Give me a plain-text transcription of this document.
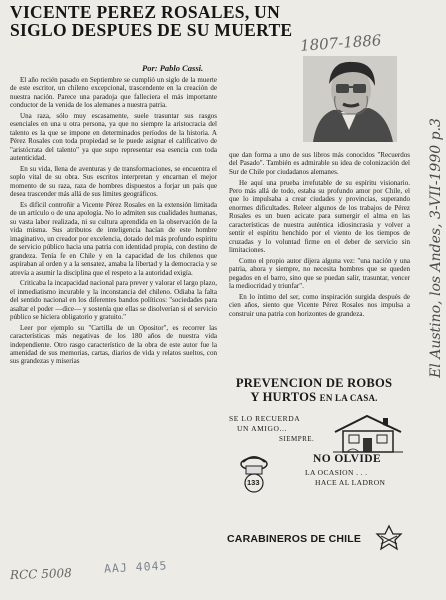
VICENTE PEREZ ROSALES, UN SIGLO DESPUES DE SU MUERTE
1807-1886
El Austino, los Andes, 3-VII-1990 p.3
Por: Pablo Cassi.

El año recién pasado en Septiembre se cumplió un siglo de la muerte de este escritor, un chileno excepcional, trascendente en la creación de nuestra nación. Parece una paradoja que falleciera el más importante conductor de la venida de los alemanes a nuestra patria.

Una raza, sólo muy escasamente, suele trasuntar sus rasgos esenciales en una u otra persona, ya que no siempre la aristocracia del talento es la que se impone en determinados períodos de la historia. A Pérez Rosales con toda propiedad se le puede asignar el calificativo de "aristócrata del talento" ya que supo representar esa esencia con toda autenticidad.

En su vida, llena de aventuras y de transformaciones, se encuentra el soplo vital de su obra. Sus escritos interpretan y encarnan el mejor momento de su raza, raza de hombres dispuestos a forjar un país que desea trascender más allá de sus límites geográficos.

Es difícil controñir a Vicente Pérez Rosales en la extensión limitada de un artículo o de una apología. No lo admiten sus cualidades humanas, su vasta labor realizada, ni su cultura aprendida en la observación de la vida misma. Sus atributos de inteligencia hacían de este hombre imaginativo, un creador por excelencia, dotado del más profundo espíritu de servicio público hacia una patria con identidad propia, con destino de grandeza. Tenía fe en Chile y en la capacidad de los chilenos que aspiraban al orden y a la sensatez, amaba la libertad y la democracia y se atrevía a asumir la disciplina que el respeto a la autoridad exigía.

Criticaba la incapacidad nacional para prever y valorar el largo plazo, el inmediatismo incurable y la inconstancia del chileno. Odiaba la falta del sentido nacional en los diferentes bandos políticos: "sociedades para asaltar el poder —dice— y sostenía que ellas se disolverían si el servicio público se hiciera obligatorio y gratuito."

Leer por ejemplo su "Cartilla de un Opositor", es recorrer las características más negativas de los 180 años de nuestra vida independiente. Otro rasgo característico de la obra de este autor fue la amenidad de sus memorias, cartas, diarios de vida y relatos sueltos, con sus grandezas y miserias

que dan forma a uno de sus libros más conocidos "Recuerdos del Pasado". También es admirable su idea de colonización del Sur de Chile por ciudadanos alemanes.

He aquí una prueba irrefutable de su espíritu visionario. Pero más allá de todo, estaba su profundo amor por Chile, el que lo impulsaba a crear ciudades y provincias, superando enormes dificultades. Releer algunos de los trabajos de Pérez Rosales es un buen acicate para sumergir el alma en las características de nuestra auténtica idiosincrasia y volver a sentir el espíritu henchido por el viento de los tiempos de cruzadas y lo voluntad firme en el deber de servicio sin limitaciones.

Como el propio autor dijera alguna vez: "una nación y una patria, ahora y siempre, no necesita hombres que se queden pegados en el barro, sino que se puedan salir, trasuntar, vencer la mediocridad y triunfar".

En lo íntimo del ser, como inspiración surgida después de cien años, siento que Vicente Pérez Rosales nos impulsa a construir una patria con horizontes de grandeza.

PREVENCION DE ROBOS
Y HURTOS EN LA CASA.
SE LO RECUERDA
UN AMIGO...
SIEMPRE.
133
NO OLVIDE
LA OCASION . . .
HACE AL LADRON
CARABINEROS DE CHILE
RCC 5008	AAJ 4045
